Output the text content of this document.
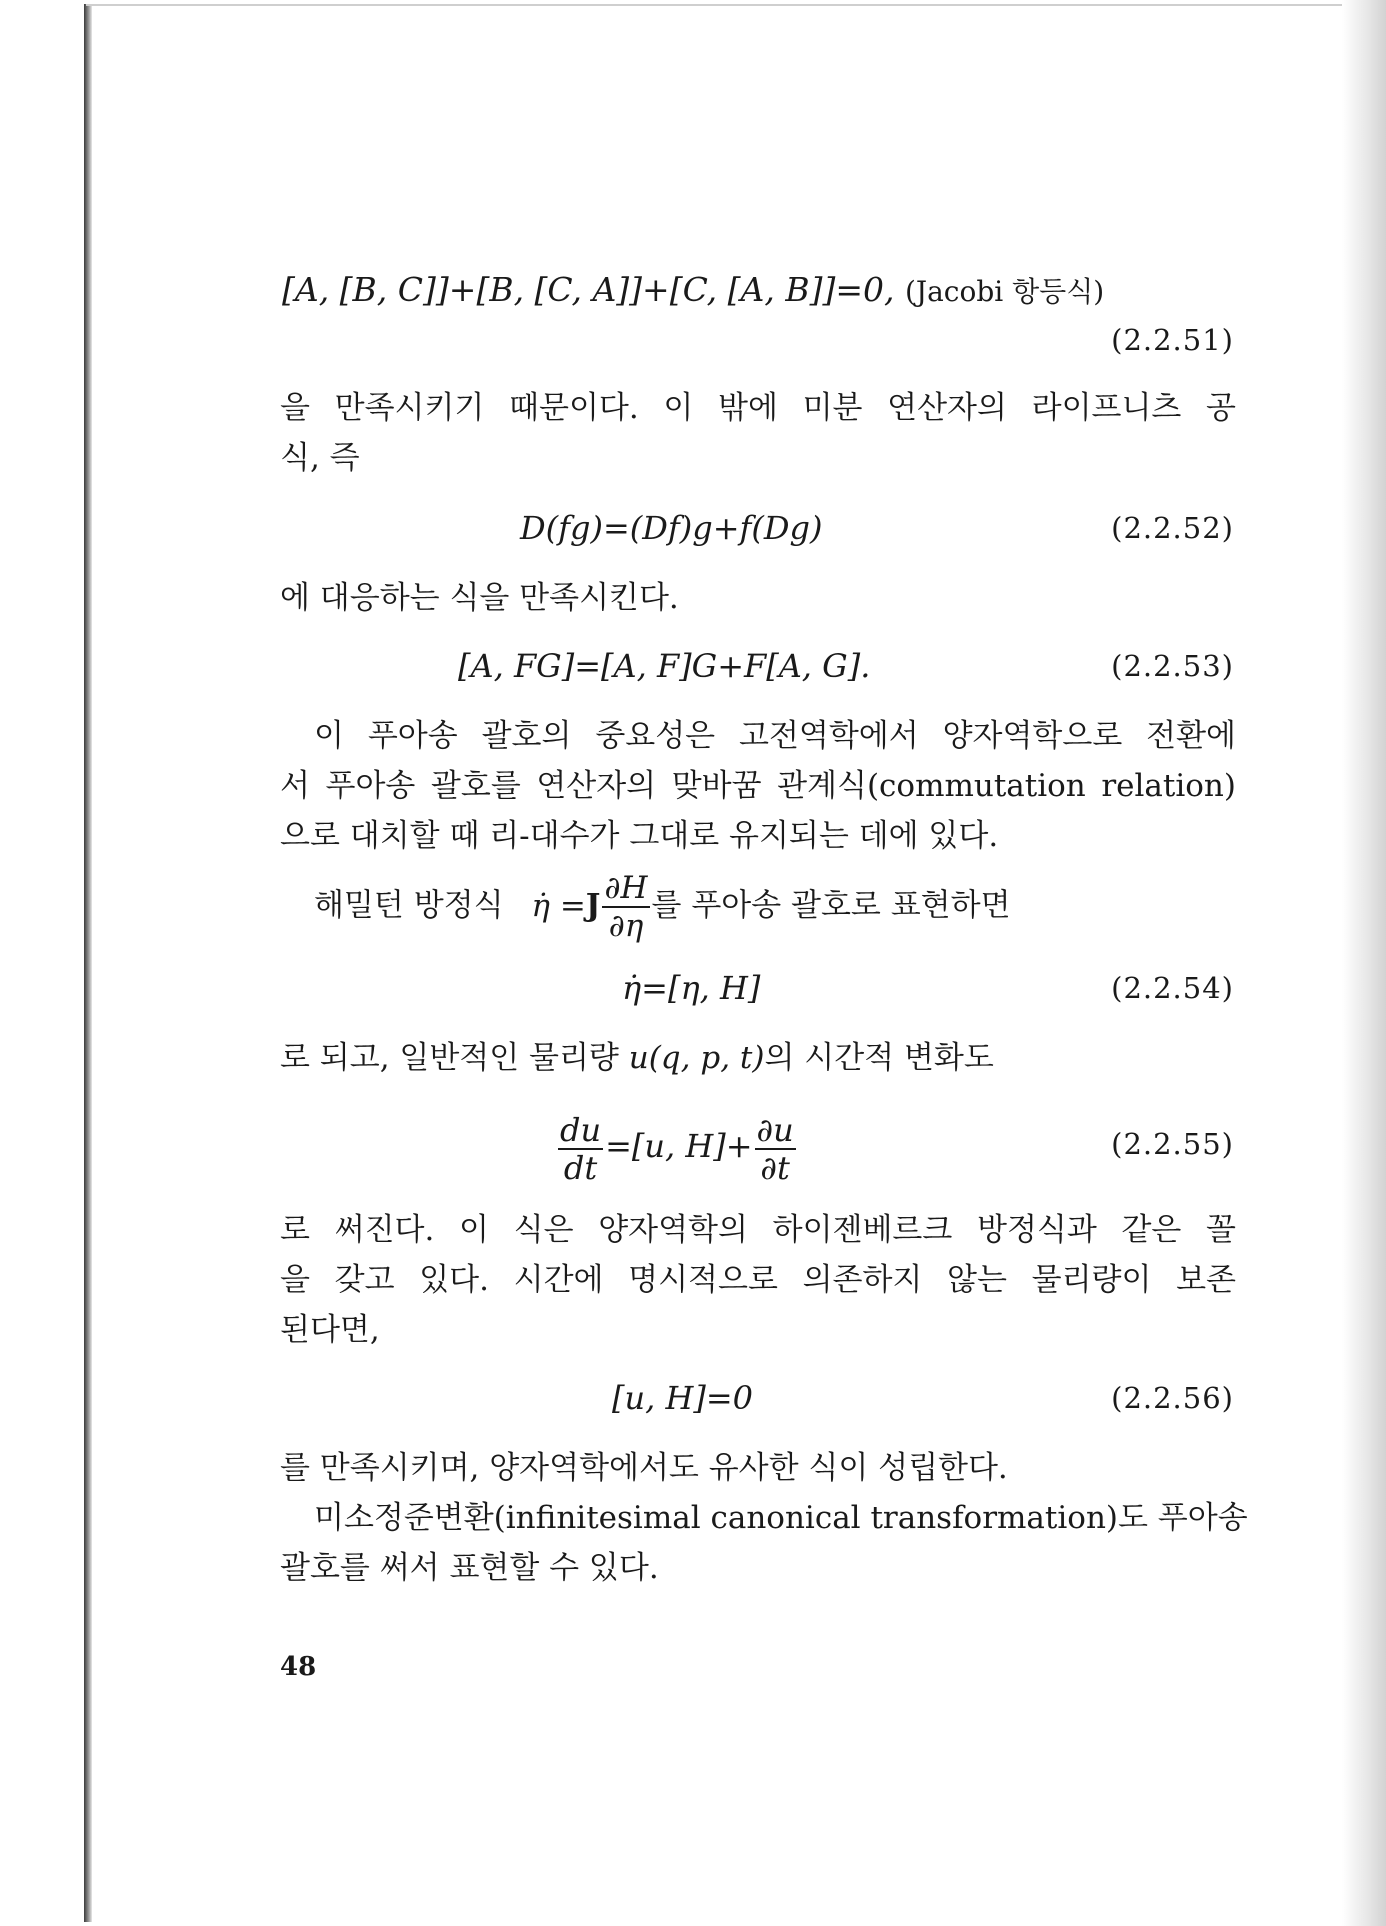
[A, [B, C]]+[B, [C, A]]+[C, [A, B]]=0, (Jacobi 항등식)
(2.2.51)
을 만족시키기 때문이다. 이 밖에 미분 연산자의 라이프니츠 공
식, 즉
D(fg)=(Df)g+f(Dg)	(2.2.52)
에 대응하는 식을 만족시킨다.
[A, FG]=[A, F]G+F[A, G].	(2.2.53)
이 푸아송 괄호의 중요성은 고전역학에서 양자역학으로 전환에
서 푸아송 괄호를 연산자의 맞바꿈 관계식(commutation relation)
으로 대치할 때 리-대수가 그대로 유지되는 데에 있다.
해밀턴 방정식 η̇ $=J \frac{\partial H}{\partial\eta}$ 를 푸아송 괄호로 표현하면
η̇=[η, H]	(2.2.54)
로 되고, 일반적인 물리량 u(q, p, t)의 시간적 변화도
$\frac{du}{dt} =[u$, $H]+ \frac{\partial u}{\partial t}$	(2.2.55)
로 써진다. 이 식은 양자역학의 하이젠베르크 방정식과 같은 꼴
을 갖고 있다. 시간에 명시적으로 의존하지 않는 물리량이 보존
된다면,
[u, H]=0	(2.2.56)
를 만족시키며, 양자역학에서도 유사한 식이 성립한다.
미소정준변환(infinitesimal canonical transformation)도 푸아송
괄호를 써서 표현할 수 있다.
48
